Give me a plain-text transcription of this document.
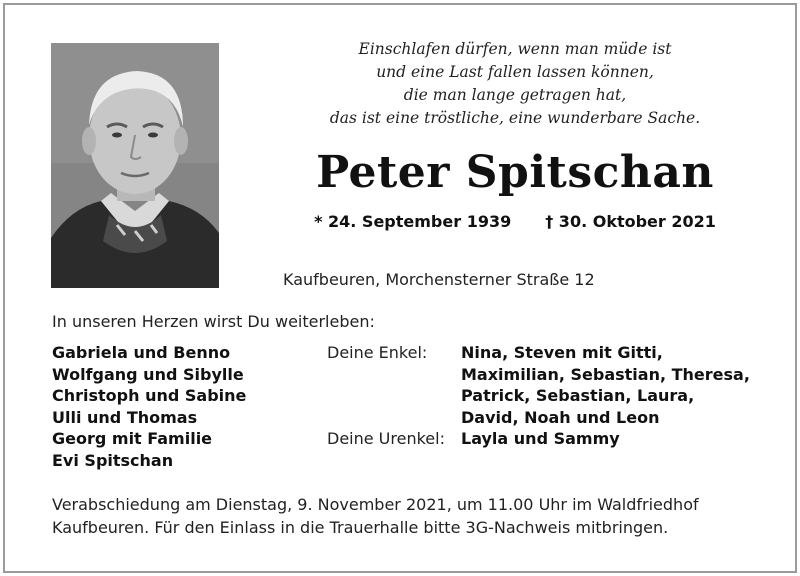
Einschlafen dürfen, wenn man müde ist
und eine Last fallen lassen können,
die man lange getragen hat,
das ist eine tröstliche, eine wunderbare Sache.
Peter Spitschan
* 24. September 1939 † 30. Oktober 2021
Kaufbeuren, Morchensterner Straße 12
In unseren Herzen wirst Du weiterleben:
Gabriela und Benno
Wolfgang und Sibylle
Christoph und Sabine
Ulli und Thomas
Georg mit Familie
Evi Spitschan
Deine Enkel:
Deine Urenkel:
Nina, Steven mit Gitti,
Maximilian, Sebastian, Theresa,
Patrick, Sebastian, Laura,
David, Noah und Leon
Layla und Sammy
Verabschiedung am Dienstag, 9. November 2021, um 11.00 Uhr im Waldfriedhof
Kaufbeuren. Für den Einlass in die Trauerhalle bitte 3G-Nachweis mitbringen.
